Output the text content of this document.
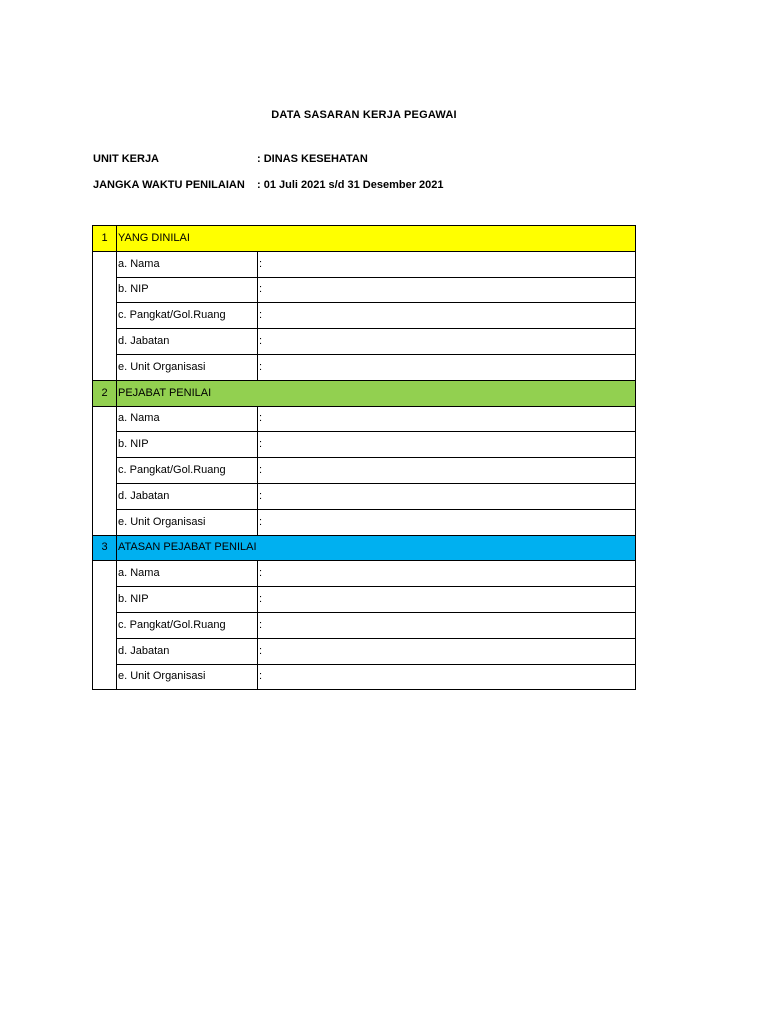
DATA SASARAN KERJA PEGAWAI
UNIT KERJA	: DINAS KESEHATAN
JANGKA WAKTU PENILAIAN : 01 Juli 2021 s/d 31 Desember 2021
1	YANG DINILAI	
	a. Nama	:
	b. NIP	:
	c. Pangkat/Gol.Ruang	:
	d. Jabatan	:
	e. Unit Organisasi	:
2	PEJABAT PENILAI	
	a. Nama	:
	b. NIP	:
	c. Pangkat/Gol.Ruang	:
	d. Jabatan	:
	e. Unit Organisasi	:
3	ATASAN PEJABAT PENILAI	
	a. Nama	:
	b. NIP	:
	c. Pangkat/Gol.Ruang	:
	d. Jabatan	:
	e. Unit Organisasi	:
